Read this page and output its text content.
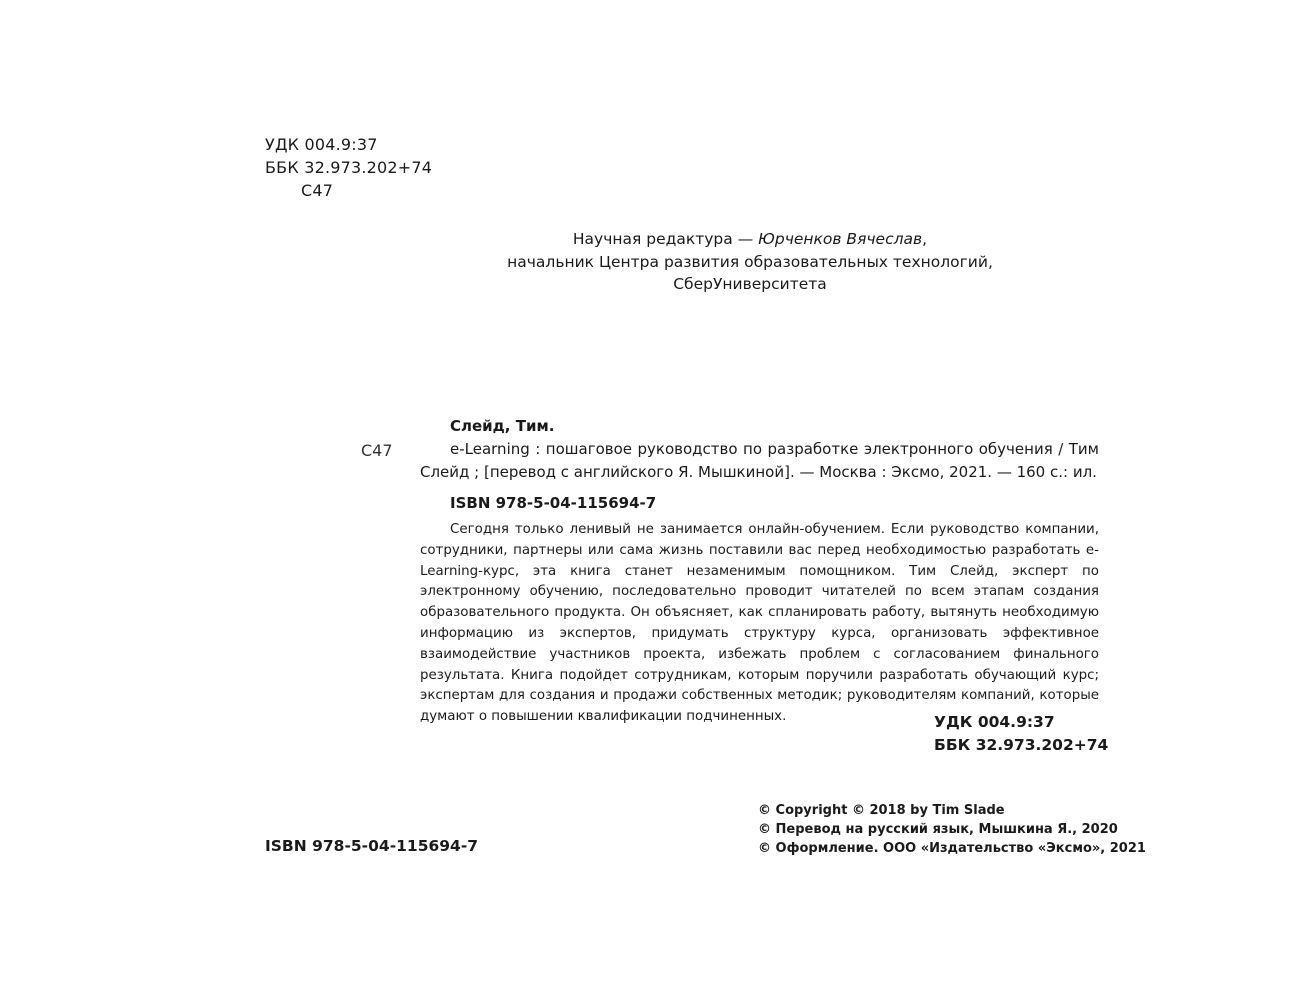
УДК 004.9:37
ББК 32.973.202+74
С47
Научная редактура — Юрченков Вячеслав,
начальник Центра развития образовательных технологий,
СберУниверситета
С47
Слейд, Тим.
e-Learning : пошаговое руководство по разработке электронного обучения / Тим
Слейд ; [перевод с английского Я. Мышкиной]. — Москва : Эксмо, 2021. — 160 с.: ил.
ISBN 978-5-04-115694-7
Сегодня только ленивый не занимается онлайн-обучением. Если руководство компании, сотрудники, партнеры или сама жизнь поставили вас перед необходимостью разработать e-Learning-курс, эта книга станет незаменимым помощником. Тим Слейд, эксперт по электронному обучению, последовательно проводит читателей по всем этапам создания образовательного продукта. Он объясняет, как спланировать работу, вытянуть необходимую информацию из экспертов, придумать структуру курса, организовать эффективное взаимодействие участников проекта, избежать проблем с согласованием финального результата. Книга подойдет сотрудникам, которым поручили разработать обучающий курс; экспертам для создания и продажи собственных методик; руководителям компаний, которые думают о повышении квалификации подчиненных.	УДК 004.9:37
ББК 32.973.202+74
ISBN 978-5-04-115694-7
© Copyright © 2018 by Tim Slade
© Перевод на русский язык, Мышкина Я., 2020
© Оформление. ООО «Издательство «Эксмо», 2021
